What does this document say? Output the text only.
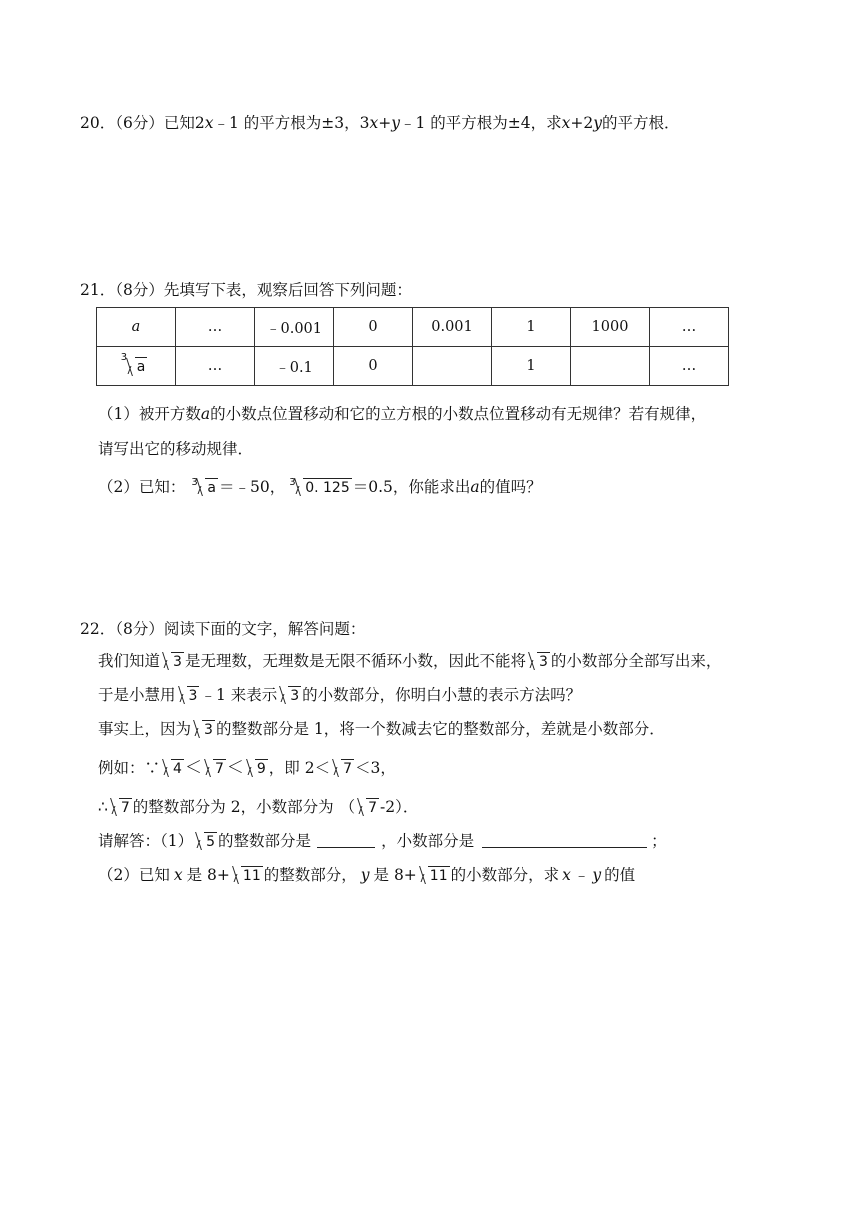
20．（6分）已知2x﹣1 的平方根为±3，3x+y﹣1 的平方根为±4，求x+2y的平方根．
21．（8分）先填写下表，观察后回答下列问题：
a	…	﹣0.001	0	0.001	1	1000	…

3
a	…	﹣0.1	0		1		…
（1）被开方数a的小数点位置移动和它的立方根的小数点位置移动有无规律？若有规律，
请写出它的移动规律．
（2）已知： 3 a ＝﹣50， 3 0. 125 ＝0.5，你能求出a的值吗？
22．（8分）阅读下面的文字，解答问题：
我们知道 3 是无理数，无理数是无限不循环小数，因此不能将 3 的小数部分全部写出来，
于是小慧用 3 ﹣1 来表示 3 的小数部分，你明白小慧的表示方法吗？
事实上，因为 3 的整数部分是 1，将一个数减去它的整数部分，差就是小数部分．
例如：∵ 4 ＜ 7 ＜ 9 ，即 2＜ 7 ＜3，
∴ 7 的整数部分为 2，小数部分为 （ 7 -2）．
请解答：（1） 5 的整数部分是	，小数部分是	；
（2）已知 x 是 8+ 11 的整数部分， y 是 8+ 11 的小数部分，求 x ﹣ y 的值
